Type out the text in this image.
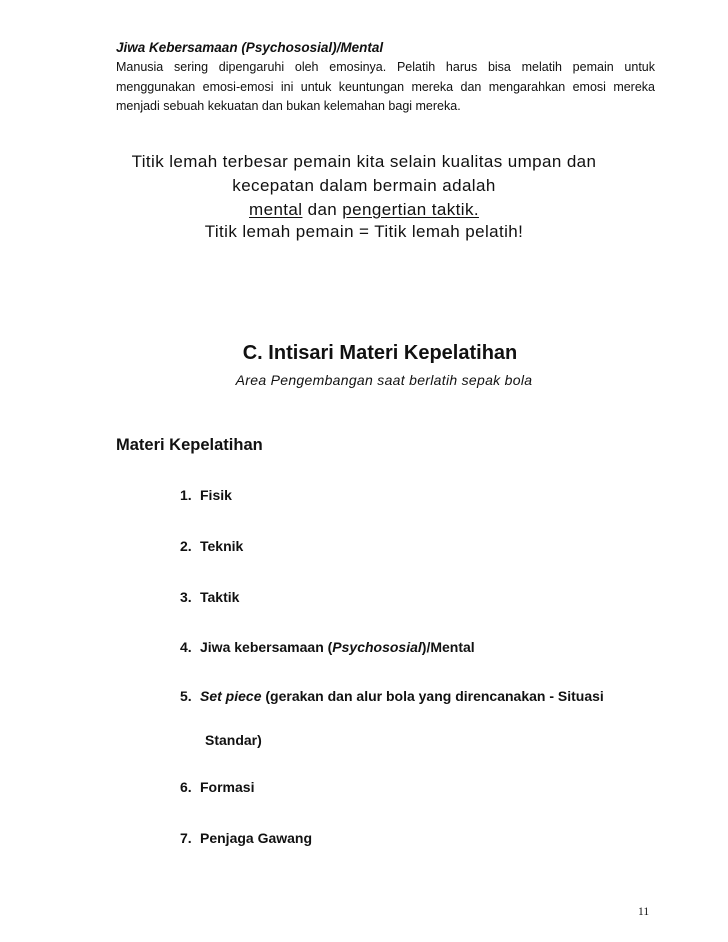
Jiwa Kebersamaan (Psychososial)/Mental
Manusia sering dipengaruhi oleh emosinya. Pelatih harus bisa melatih pemain untuk menggunakan emosi-emosi ini untuk keuntungan mereka dan mengarahkan emosi mereka menjadi sebuah kekuatan dan bukan kelemahan bagi mereka.
Titik lemah terbesar pemain kita selain kualitas umpan dan
kecepatan dalam bermain adalah
mental dan pengertian taktik.
Titik lemah pemain = Titik lemah pelatih!
C. Intisari Materi Kepelatihan
Area Pengembangan saat berlatih sepak bola
Materi Kepelatihan
1. Fisik
2. Teknik
3. Taktik
4. Jiwa kebersamaan (Psychososial)/Mental
5. Set piece (gerakan dan alur bola yang direncanakan - Situasi
Standar)
6. Formasi
7. Penjaga Gawang
11
